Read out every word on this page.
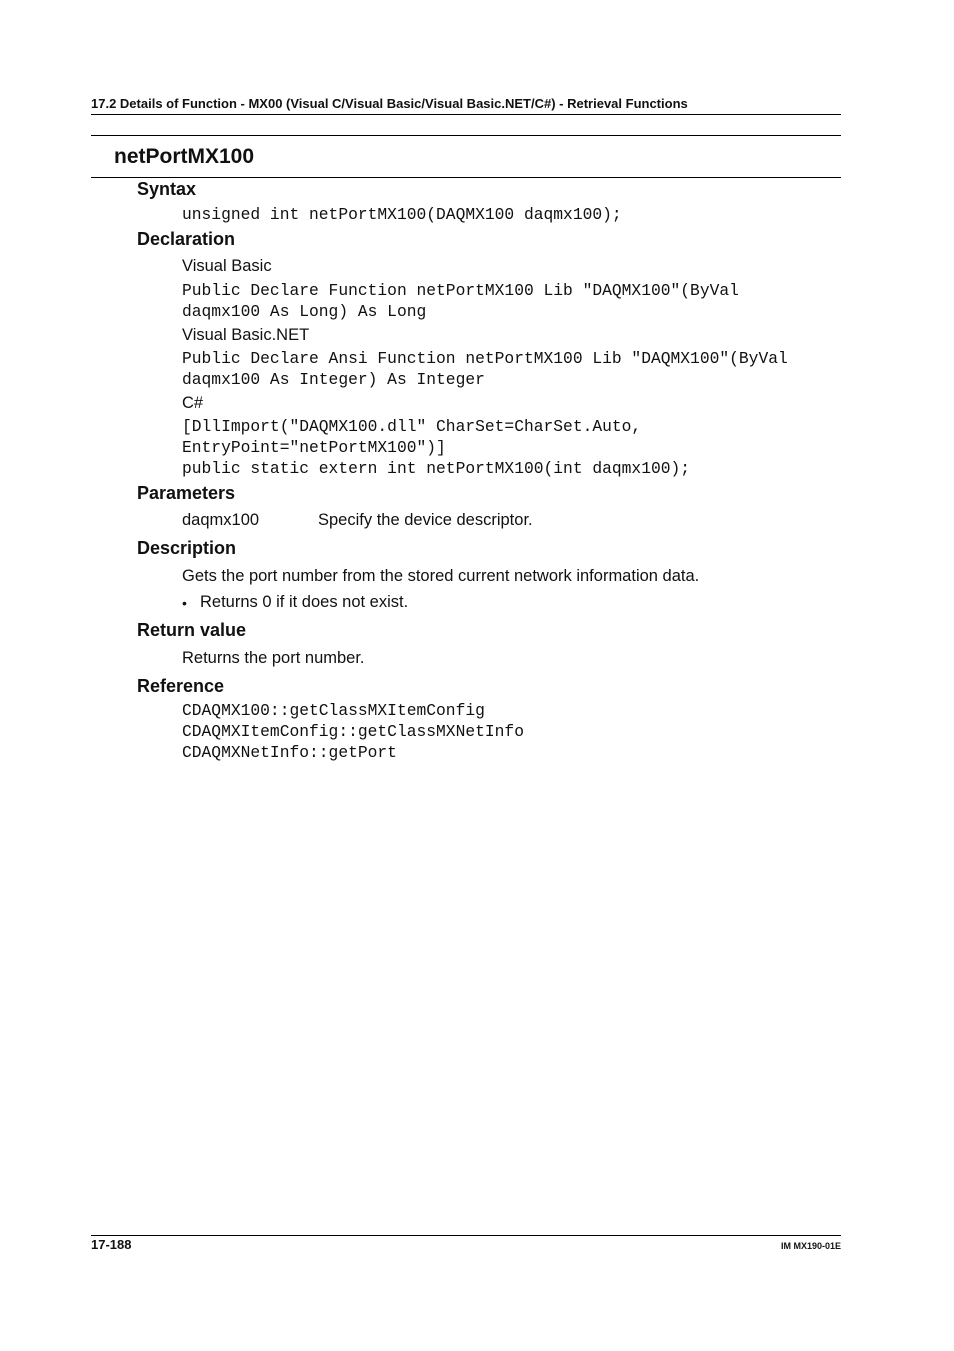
17.2 Details of Function - MX00 (Visual C/Visual Basic/Visual Basic.NET/C#) - Retrieval Functions
netPortMX100
Syntax
unsigned int netPortMX100(DAQMX100 daqmx100);
Declaration
Visual Basic
Public Declare Function netPortMX100 Lib "DAQMX100"(ByVal
daqmx100 As Long) As Long
Visual Basic.NET
Public Declare Ansi Function netPortMX100 Lib "DAQMX100"(ByVal
daqmx100 As Integer) As Integer
C#
[DllImport("DAQMX100.dll" CharSet=CharSet.Auto,
EntryPoint="netPortMX100")]
public static extern int netPortMX100(int daqmx100);
Parameters
daqmx100	Specify the device descriptor.
Description
Gets the port number from the stored current network information data.
• Returns 0 if it does not exist.
Return value
Returns the port number.
Reference
CDAQMX100::getClassMXItemConfig
CDAQMXItemConfig::getClassMXNetInfo
CDAQMXNetInfo::getPort
17-188	IM MX190-01E
